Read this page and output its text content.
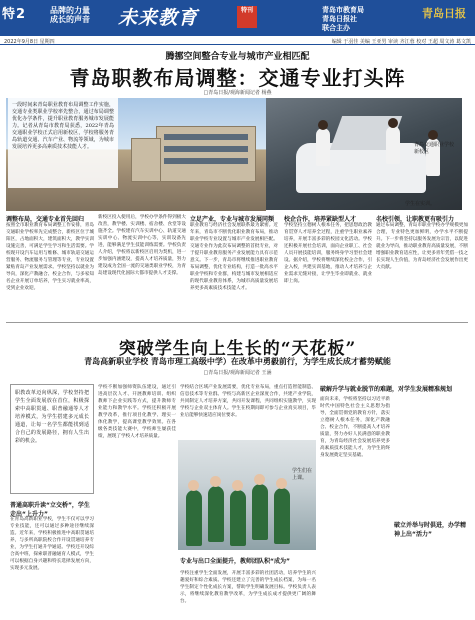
特2	品牌的力量
成长的声音 未来教育	特刊	青岛市教育局
青岛日报社
联合主办
青岛日报
2022年9月8日 星期四	编辑 于羽佳 美编 王亚男 审读 齐江蓉 校对 王超 周文涛 葛文凯
腾挪空间整合专业与城市产业相匹配
青岛职教布局调整：交通专业打头阵
□青岛日报/观海新闻记者 杨燕
一段时间来青岛职业教育布局调整工作实施，交通专业类职业学校率先整合，通过布局调整优化办学条件，提升职业教育服务城市发展能力。记者从青岛市教育局获悉，2022年青岛交通职业学校正式启用新校区，学校将服务青岛轨道交通、汽车产业、物流等领域，为城市发展培养更多高素质技术技能人才。	青岛交通职业学校新校区
学生在实训。
调整布局，交通专业首先回归
按照全市职业教育布局调整工作安排，青岛交通职业学校率先完成整合，新校区位于城阳区，占地面积大，建筑面积大，教学实训设施完善，可满足学生学习和生活需要。学校现开设汽车运用与维修、城市轨道交通运营服务、物流服务与管理等专业，专业设置紧贴青岛产业发展需求。学校坚持以就业为导向，深化产教融合、校企合作，与多家知名企业开展订单培养，学生实习就业率高，受到企业欢迎。
新校区投入使用后，学校办学条件得到极大改善，教学楼、实训楼、宿舍楼、食堂等设施齐全。学校建有汽车实训中心、轨道交通实训中心、物流实训中心等，实训设备先进，能够满足学生技能训练需要。学校负责人介绍，学校将以新校区启用为契机，进一步加强内涵建设，提高人才培养质量，努力建设成为全国一流的交通类职业学校，为青岛建设现代化国际大都市提供人才支撑。
立足产业，专业与城市发展同频
职业教育与经济社会发展联系最为紧密。近年来，青岛市不断优化职业教育布局，推动职业学校专业设置与城市产业发展相匹配。交通专业作为此次布局调整的首批专业，对于提升职业教育服务产业发展能力具有示范意义。下一步，青岛市将继续推进职业教育布局调整，优化专业结构，打造一批高水平职业学校和专业群，构建与城市发展相适应的现代职业教育体系，为城市高质量发展培养更多高素质技术技能人才。
校企合作，培养紧缺型人才
学校坚持立德树人根本任务，把思想政治教育贯穿人才培养全过程，注重学生职业素养培养，开展丰富多彩的校园文化活动。学校还积极开展社会培训，面向企业职工、社会人员开展技能培训，服务终身学习型社会建设。据介绍，学校将继续深化校企合作，引企入校，共建实训基地，推动人才培养与企业需求无缝对接，让学生毕业即就业、就业即上岗。
名校引领，让职教更有吸引力
通过布局调整，青岛市职业学校办学规模更加合理，专业特色更加鲜明，办学水平不断提升。下一步将坚持以服务发展为宗旨，以促进就业为导向，推动职业教育高质量发展，不断增强职业教育适应性，让更多青年凭借一技之长实现人生价值，为青岛经济社会发展作出更大贡献。
突破学生向上生长的“天花板”
青岛高新职业学校 青岛市理工高级中学）在改革中勇毅前行，为学生成长成才蓄势赋能
□青岛日报/观海新闻记者 王涵
职教改革迈向纵深，学校坚持把学生全面发展放在首位，积极探索中高职贯通、职普融通等人才培养模式，为学生搭建多元成长通道，让每一名学生都能找到适合自己的发展路径，拥有人生出彩的机会。
普通高职升读“立交桥”，学生走出“上升力”
在青岛高新职业学校，学生不仅可以学习专业技能，还可以通过多种途径继续深造。近年来，学校积极推进中高职贯通培养，与多所高职院校合作开设贯通培养专业，为学生打通升学通道。学校还开设综合高中班，探索职普融通育人模式，学生可以根据自身兴趣和特长选择发展方向，实现多元发展。
学校不断加强师资队伍建设，通过引进高层次人才、开展教师培训、组织教师下企业实践等方式，提升教师专业能力和教学水平。学校还积极开展教学改革，推行项目化教学、理实一体化教学，提高课堂教学效果。在各级各类技能大赛中，学校师生屡获佳绩，展现了学校人才培养质量。
学校结合区域产业发展需要，优化专业布局，重点打造智能制造、信息技术等专业群。学校与高新区企业深度合作，共建产业学院，共同制定人才培养方案，共同开发课程，共同组织实施教学，实现学校与企业双主体育人。学生在校期间即可参与企业真实项目，毕业后能够快速适应岗位要求。
学生们在上课。
专业与出口全面提升，教师团队积“成为”
学校注重学生全面发展，开展丰富多彩的社团活动，培养学生的兴趣爱好和综合素质。学校还建立了完善的学生成长档案，为每一名学生制定个性化成长方案，帮助学生明确发展目标。学校负责人表示，将继续深化教育教学改革，为学生成长成才提供更广阔的舞台。
破解升学与就业脱节的难题，对学生发展精准规划
面向未来，学校将坚持以习近平新时代中国特色社会主义思想为指导，全面贯彻党的教育方针，落实立德树人根本任务，深化产教融合、校企合作，不断提高人才培养质量，努力办好人民满意的职业教育，为青岛经济社会发展培养更多高素质技术技能人才，为学生的终身发展奠定坚实基础。
破立并举与时俱进，办学精神上出“活力”
